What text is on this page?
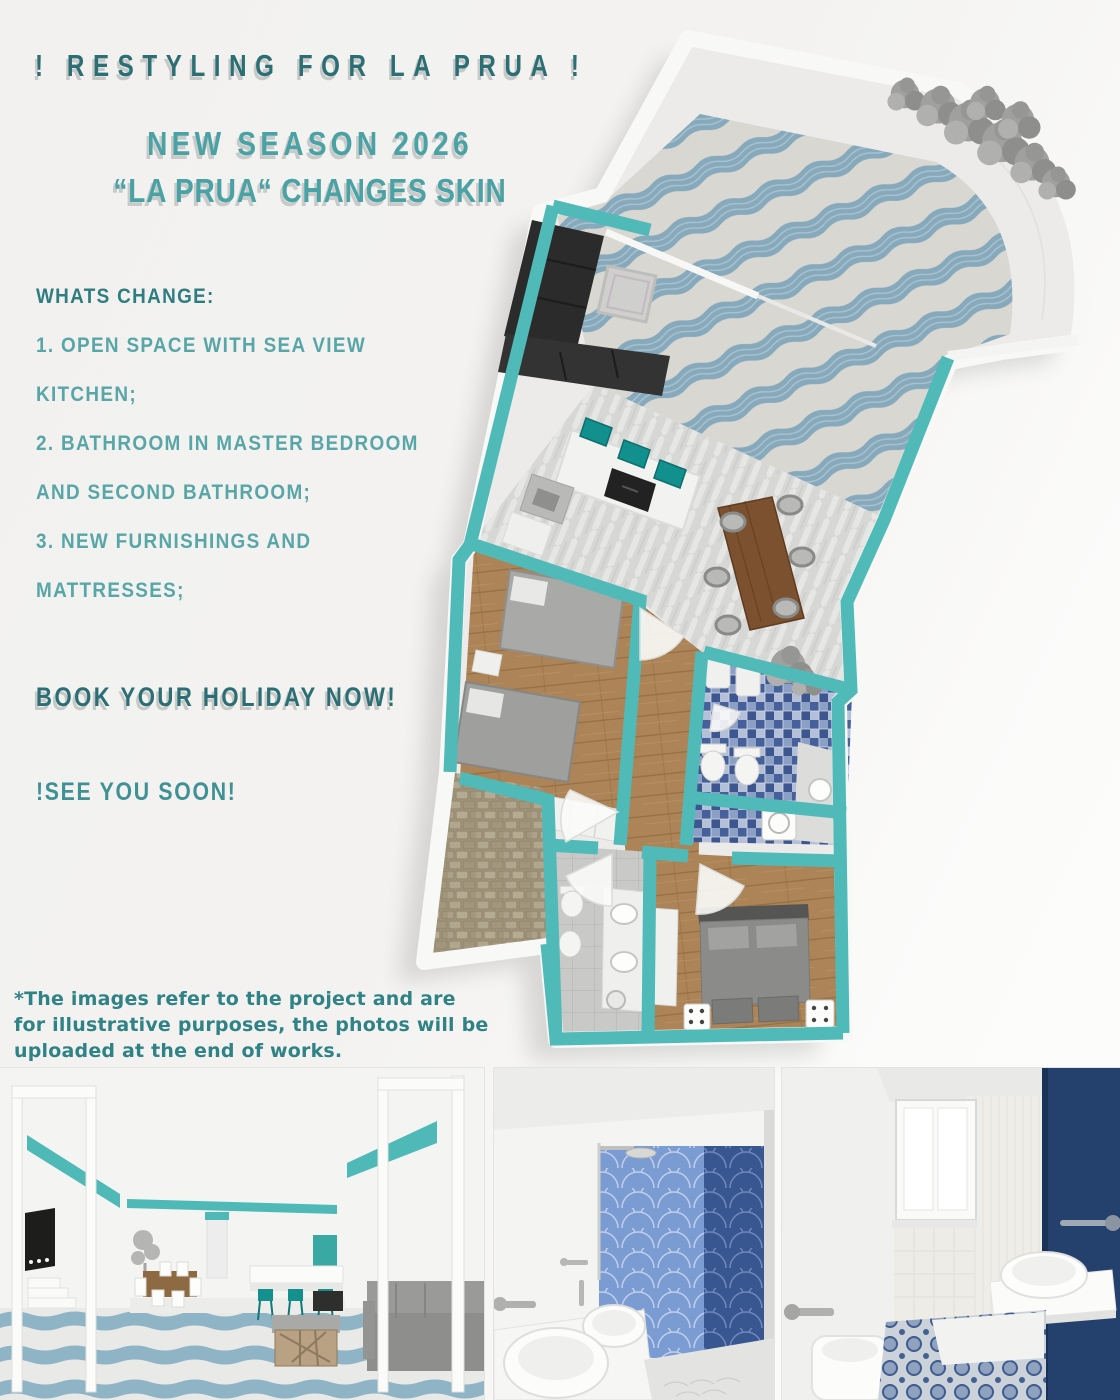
! RESTYLING FOR LA PRUA !
NEW SEASON 2026
“LA PRUA“ CHANGES SKIN
WHATS CHANGE:
1. OPEN SPACE WITH SEA VIEW
KITCHEN;
2. BATHROOM IN MASTER BEDROOM
AND SECOND BATHROOM;
3. NEW FURNISHINGS AND
MATTRESSES;
BOOK YOUR HOLIDAY NOW!
!SEE YOU SOON!
*The images refer to the project and are
for illustrative purposes, the photos will be
uploaded at the end of works.
